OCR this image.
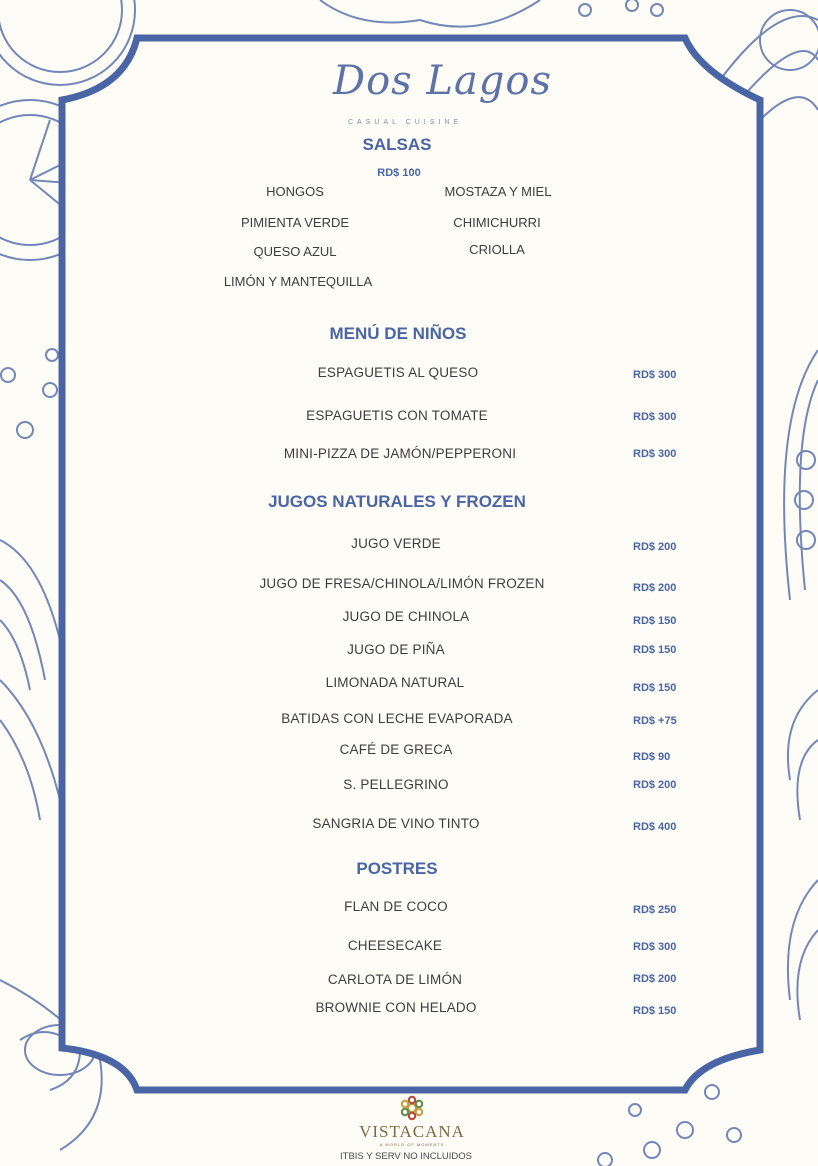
Dos Lagos
CASUAL CUISINE
SALSAS
RD$ 100
HONGOS	MOSTAZA Y MIEL
PIMIENTA VERDE	CHIMICHURRI
QUESO AZUL	CRIOLLA
LIMÓN Y MANTEQUILLA
MENÚ DE NIÑOS
ESPAGUETIS AL QUESO	RD$ 300
ESPAGUETIS CON TOMATE	RD$ 300
MINI-PIZZA DE JAMÓN/PEPPERONI	RD$ 300
JUGOS NATURALES Y FROZEN
JUGO VERDE	RD$ 200
JUGO DE FRESA/CHINOLA/LIMÓN FROZEN	RD$ 200
JUGO DE CHINOLA	RD$ 150
JUGO DE PIÑA	RD$ 150
LIMONADA NATURAL	RD$ 150
BATIDAS CON LECHE EVAPORADA	RD$ +75
CAFÉ DE GRECA	RD$ 90
S. PELLEGRINO	RD$ 200
SANGRIA DE VINO TINTO	RD$ 400
POSTRES
FLAN DE COCO	RD$ 250
CHEESECAKE	RD$ 300
CARLOTA DE LIMÓN	RD$ 200
BROWNIE CON HELADO	RD$ 150
VISTACANA
A WORLD OF MOMENTS
ITBIS Y SERV NO INCLUIDOS
